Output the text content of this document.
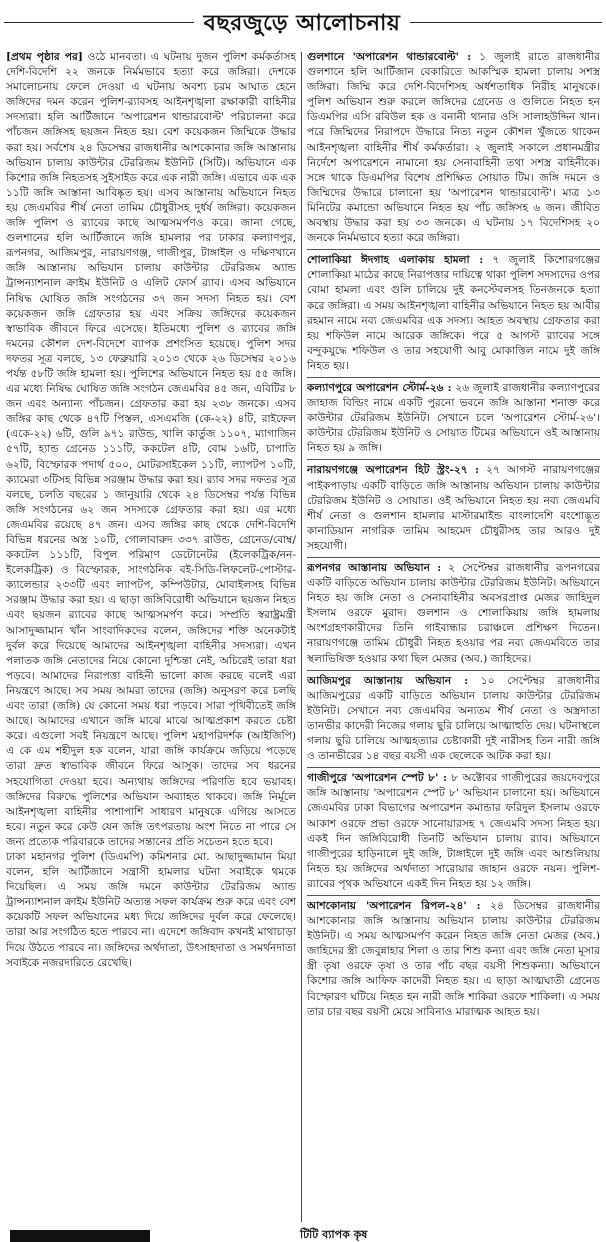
বছরজুড়ে আলোচনায়

[প্রথম পৃষ্ঠার পর] ওঠে মানবতা। এ ঘটনায় দুজন পুলিশ কর্মকর্তাসহ দেশি-বিদেশি ২২ জনকে নির্মমভাবে হত্যা করে জঙ্গিরা। দেশকে সমালোচনায় ফেলে দেওয়া এ ঘটনায় অবশ্য চরম আঘাত হেনে জঙ্গিদের দমন করেন পুলিশ-র‍্যাবসহ আইনশৃঙ্খলা রক্ষাকারী বাহিনীর সদস্যরা। হলি আর্টিজানে 'অপারেশন থান্ডারবোল্ট' পরিচালনা করে পাঁচজন জঙ্গিসহ ছয়জন নিহত হয়। বেশ কয়েকজন জিম্মিকে উদ্ধার করা হয়। সর্বশেষ ২৪ ডিসেম্বর রাজধানীর আশকোনার জঙ্গি আস্তানায় অভিযান চালায় কাউন্টার টেররিজম ইউনিট (সিটি)। অভিযানে এক কিশোর জঙ্গি নিহতসহ সুইসাইড করে এক নারী জঙ্গি। এভাবে এক এক ১১টি জঙ্গি আস্তানা আবিষ্কৃত হয়। এসব আস্তানায় অভিযানে নিহত হয় জেএমবির শীর্ষ নেতা তামিম চৌধুরীসহ দুর্ধর্ষ জঙ্গিরা। কয়েকজন জঙ্গি পুলিশ ও র‍্যাবের কাছে আত্মসমর্পণও করে। জানা গেছে, গুলশানের হলি আর্টিজানে জঙ্গি হামলার পর ঢাকার কল্যাণপুর, রূপনগর, আজিমপুর, নারায়ণগঞ্জ, গাজীপুর, টাঙ্গাইল ও দক্ষিণখানে জঙ্গি আস্তানায় অভিযান চালায় কাউন্টার টেররিজম অ্যান্ড ট্রান্সন্যাশনাল ক্রাইম ইউনিট ও এলিট ফোর্স র‍্যাব। এসব অভিযানে নিষিদ্ধ ঘোষিত জঙ্গি সংগঠনের ৩৭ জন সদস্য নিহত হয়। বেশ কয়েকজন জঙ্গি গ্রেফতার হয় এবং সক্রিয় জঙ্গিদের কয়েকজন স্বাভাবিক জীবনে ফিরে এসেছে। ইতিমধ্যে পুলিশ ও র‍্যাবের জঙ্গি দমনের কৌশল দেশ-বিদেশে ব্যাপক প্রশংসিত হয়েছে। পুলিশ সদর দফতর সূত্র বলছে, ১৩ ফেব্রুয়ারি ২০১৩ থেকে ২৬ ডিসেম্বর ২০১৬ পর্যন্ত ৫৮টি জঙ্গি হামলা হয়। পুলিশের অভিযানে নিহত হয় ৫৫ জঙ্গি। এর মধ্যে নিষিদ্ধ ঘোষিত জঙ্গি সংগঠন জেএমবির ৪৫ জন, এবিটির ৮ জন এবং অন্যান্য পাঁচজন। গ্রেফতার করা হয় ২৩৮ জনকে। এসব জঙ্গির কাছ থেকে ৪৭টি পিস্তল, এসএমজি (কে-২২) ৪টি, রাইফেল (একে-২২) ৬টি, গুলি ৯৭১ রাউন্ড, খালি কার্তুজ ১১০৭, ম্যাগাজিন ৫৭টি, হ্যান্ড গ্রেনেড ১১১টি, ককটেল ৪টি, বোম ১৬টি, চাপাতি ৬২টি, বিস্ফোরক পদার্থ ৫০০, মোটরসাইকেল ১১টি, ল্যাপটপ ১০টি, ক্যামেরা ৩টিসহ বিভিন্ন সরঞ্জাম উদ্ধার করা হয়। র‍্যাব সদর দফতর সূত্র বলছে, চলতি বছরের ১ জানুয়ারি থেকে ২৪ ডিসেম্বর পর্যন্ত বিভিন্ন জঙ্গি সংগঠনের ৬২ জন সদস্যকে গ্রেফতার করা হয়। এর মধ্যে জেএমবির রয়েছে ৪৭ জন। এসব জঙ্গির কাছ থেকে দেশি-বিদেশি বিভিন্ন ধরনের অস্ত্র ১০টি, গোলাবারুদ ৩৩৭ রাউন্ড, গ্রেনেড/বোম্ব/ককটেল ১১১টি, বিপুল পরিমাণ ডেটোনেটর (ইলেকট্রিক/নন-ইলেকট্রিক) ও বিস্ফোরক, সাংগঠনিক বই-সিডি-লিফলেট-পোস্টার-ক্যালেন্ডার ২৩৩টি এবং ল্যাপটপ, কম্পিউটার, মোবাইলসহ বিভিন্ন সরঞ্জাম উদ্ধার করা হয়। এ ছাড়া জঙ্গিবিরোধী অভিযানে ছয়জন নিহত এবং ছয়জন র‍্যাবের কাছে আত্মসমর্পণ করে। সম্প্রতি স্বরাষ্ট্রমন্ত্রী আসাদুজ্জামান খাঁন সাংবাদিকদের বলেন, জঙ্গিদের শক্তি অনেকটাই দুর্বল করে দিয়েছে আমাদের আইনশৃঙ্খলা বাহিনীর সদস্যরা। এখন পলাতক জঙ্গি নেতাদের নিয়ে কোনো দুশ্চিন্তা নেই, অচিরেই তারা ধরা পড়বে। আমাদের নিরাপত্তা বাহিনী ভালো কাজ করছে বলেই এরা নিয়ন্ত্রণে আছে। সব সময় আমরা তাদের (জঙ্গি) অনুসরণ করে চলছি এবং তারা (জঙ্গি) যে কোনো সময় ধরা পড়বে। সারা পৃথিবীতেই জঙ্গি আছে। আমাদের এখানে জঙ্গি মাঝে মাঝে আত্মপ্রকাশ করতে চেষ্টা করে। এগুলো সবই নিয়ন্ত্রণে আছে। পুলিশ মহাপরিদর্শক (আইজিপি) এ কে এম শহীদুল হক বলেন, যারা জঙ্গি কার্যক্রমে জড়িয়ে পড়েছে তারা দ্রুত স্বাভাবিক জীবনে ফিরে আসুক। তাদের সব ধরনের সহযোগিতা দেওয়া হবে। অন্যথায় জঙ্গিদের পরিণতি হবে ভয়াবহ। জঙ্গিদের বিরুদ্ধে পুলিশের অভিযান অব্যাহত থাকবে। জঙ্গি নির্মূলে আইনশৃঙ্খলা বাহিনীর পাশাপাশি সাধারণ মানুষকে এগিয়ে আসতে হবে। নতুন করে কেউ যেন জঙ্গি তৎপরতায় অংশ নিতে না পারে সে জন্য প্রত্যেক পরিবারকে তাদের সন্তানের প্রতি সচেতন হতে হবে।

ঢাকা মহানগর পুলিশ (ডিএমপি) কমিশনার মো. আছাদুজ্জামান মিয়া বলেন, হলি আর্টিজানে সন্ত্রাসী হামলার ঘটনা সবাইকে থমকে দিয়েছিল। এ সময় জঙ্গি দমনে কাউন্টার টেররিজম অ্যান্ড ট্রান্সন্যাশনাল ক্রাইম ইউনিট অত্যন্ত সফল কার্যক্রম শুরু করে এবং বেশ কয়েকটি সফল অভিযানের মধ্য দিয়ে জঙ্গিদের দুর্বল করে ফেলেছে। তারা আর সংগঠিত হতে পারবে না। এদেশে জঙ্গিবাদ কখনই মাথাচাড়া দিয়ে উঠতে পারবে না। জঙ্গিদের অর্থদাতা, উৎসাহদাতা ও সমর্থনদাতা সবাইকে নজরদারিতে রেখেছি।

গুলশানে 'অপারেশন থান্ডারবোল্ট' : ১ জুলাই রাতে রাজধানীর গুলশানে হলি আর্টিজান বেকারিতে আকস্মিক হামলা চালায় সশস্ত্র জঙ্গিরা। জিম্মি করে দেশি-বিদেশিসহ অর্ধশতাধিক নিরীহ মানুষকে। পুলিশ অভিযান শুরু করলে জঙ্গিদের গ্রেনেড ও গুলিতে নিহত হন ডিএমপির এসি রবিউল হক ও বনানী থানার ওসি সালাহউদ্দিন খান। পরে জিম্মিদের নিরাপদে উদ্ধারে নিত্য নতুন কৌশল খুঁজতে থাকেন আইনশৃঙ্খলা বাহিনীর শীর্ষ কর্মকর্তারা। ২ জুলাই সকালে প্রধানমন্ত্রীর নির্দেশে অপারেশনে নামানো হয় সেনাবাহিনী তথা সশস্ত্র বাহিনীকে। সঙ্গে থাকে ডিএমপির বিশেষ প্রশিক্ষিত সোয়াত টিম। জঙ্গি দমনে ও জিম্মিদের উদ্ধারে চালানো হয় 'অপারেশন থান্ডারবোল্ট'। মাত্র ১৩ মিনিটের কমান্ডো অভিযানে নিহত হয় পাঁচ জঙ্গিসহ ৬ জন। জীবিত অবস্থায় উদ্ধার করা হয় ৩৩ জনকে। এ ঘটনায় ১৭ বিদেশিসহ ২০ জনকে নির্মমভাবে হত্যা করে জঙ্গিরা।
শোলাকিয়া ঈদগাহ এলাকায় হামলা : ৭ জুলাই কিশোরগঞ্জের শোলাকিয়া মাঠের কাছে নিরাপত্তার দায়িত্বে থাকা পুলিশ সদস্যদের ওপর বোমা হামলা এবং গুলি চালিয়ে দুই কনস্টেবলসহ তিনজনকে হত্যা করে জঙ্গিরা। এ সময় আইনশৃঙ্খলা বাহিনীর অভিযানে নিহত হয় আবীর রহমান নামে নব্য জেএমবির এক সদস্য। আহত অবস্থায় গ্রেফতার করা হয় শফিউল নামে আরেক জঙ্গিকে। পরে ৫ আগস্ট র‍্যাবের সঙ্গে বন্দুকযুদ্ধে শফিউল ও তার সহযোগী আবু মোকাত্তিল নামে দুই জঙ্গি নিহত হয়।
কল্যাণপুরে অপারেশন স্টোর্ম-২৬ : ২৬ জুলাই রাজধানীর কল্যাণপুরের জাহাজ বিল্ডিং নামে একটি পুরনো ভবনে জঙ্গি আস্তানা শনাক্ত করে কাউন্টার টেররিজম ইউনিট। সেখানে চলে 'অপারেশন স্টোর্ম-২৬'। কাউন্টার টেররিজম ইউনিট ও সোয়াত টিমের অভিযানে ওই আস্তানায় নিহত হয় ৯ জঙ্গি।
নারায়ণগঞ্জে অপারেশন হিট স্ট্রং-২৭ : ২৭ আগস্ট নারায়ণগঞ্জের পাইকপাড়ায় একটি বাড়িতে জঙ্গি আস্তানায় অভিযান চালায় কাউন্টার টেররিজম ইউনিট ও সোয়াত। ওই অভিযানে নিহত হয় নব্য জেএমবি শীর্ষ নেতা ও গুলশান হামলার মাস্টারমাইন্ড বাংলাদেশি বংশোদ্ভূত কানাডিয়ান নাগরিক তামিম আহমেদ চৌধুরীসহ তার আরও দুই সহযোগী।
রূপনগর আস্তানায় অভিযান : ২ সেপ্টেম্বর রাজধানীর রূপনগরের একটি বাড়িতে অভিযান চালায় কাউন্টার টেররিজম ইউনিট। অভিযানে নিহত হয় জঙ্গি নেতা ও সেনাবাহিনীর অবসরপ্রাপ্ত মেজর জাহিদুল ইসলাম ওরফে মুরাদ। গুলশান ও শোলাকিয়ায় জঙ্গি হামলায় অংশগ্রহণকারীদের তিনি গাইবান্ধার চরাঞ্চলে প্রশিক্ষণ দিতেন। নারায়ণগঞ্জে তামিম চৌধুরী নিহত হওয়ার পর নব্য জেএমবিতে তার স্থলাভিষিক্ত হওয়ার কথা ছিল মেজর (অব.) জাহিদের।
আজিমপুর আস্তানায় অভিযান : ১০ সেপ্টেম্বর রাজধানীর আজিমপুরের একটি বাড়িতে অভিযান চালায় কাউন্টার টেররিজম ইউনিট। সেখানে নব্য জেএমবির অন্যতম শীর্ষ নেতা ও অস্ত্রদাতা তানভীর কাদেরী নিজের গলায় ছুরি চালিয়ে আত্মাহুতি দেয়। ঘটনাস্থলে গলায় ছুরি চালিয়ে আত্মহত্যার চেষ্টাকারী দুই নারীসহ তিন নারী জঙ্গি ও তানভীরের ১৪ বছর বয়সী এক ছেলেকে আটক করা হয়।
গাজীপুরে 'অপারেশন স্পেট ৮' : ৮ অক্টোবর গাজীপুরের জয়দেবপুরে জঙ্গি আস্তানায় 'অপারেশন স্পেট ৮' অভিযান চালানো হয়। অভিযানে জেএমবির ঢাকা বিভাগের অপারেশন কমান্ডার ফরিদুল ইসলাম ওরফে আকাশ ওরফে প্রভা ওরফে সানোয়ারসহ ৭ জেএমবি সদস্য নিহত হয়। একই দিন জঙ্গিবিরোধী তিনটি অভিযান চালায় র‍্যাব। অভিযানে গাজীপুরের হাড়িনালে দুই জঙ্গি, টাঙ্গাইলে দুই জঙ্গি এবং আশুলিয়ায় নিহত হয় জঙ্গিদের অর্থদাতা সারোয়ার জাহান ওরফে নয়ন। পুলিশ-র‍্যাবের পৃথক অভিযানে একই দিন নিহত হয় ১২ জঙ্গি।
আশকোনায় 'অপারেশন রিপল-২৪' : ২৪ ডিসেম্বর রাজধানীর আশকোনার জঙ্গি আস্তানায় অভিযান চালায় কাউন্টার টেররিজম ইউনিট। এ সময় আত্মসমর্পণ করেন নিহত জঙ্গি নেতা মেজর (অব.) জাহিদের স্ত্রী জেবুন্নাহার শিলা ও তার শিশু কন্যা এবং জঙ্গি নেতা মূসার স্ত্রী তৃষা ওরফে তৃষা ও তার পাঁচ বছর বয়সী শিশুকন্যা। অভিযানে কিশোর জঙ্গি আফিফ কাদেরী নিহত হয়। এ ছাড়া আত্মঘাতী গ্রেনেড বিস্ফোরণ ঘটিয়ে নিহত হন নারী জঙ্গি শাকিরা ওরফে শাকিলা। এ সময় তার চার বছর বয়সী মেয়ে সাবিনাও মারাত্মক আহত হয়।
টিটি ব্যাপক কৃষ
